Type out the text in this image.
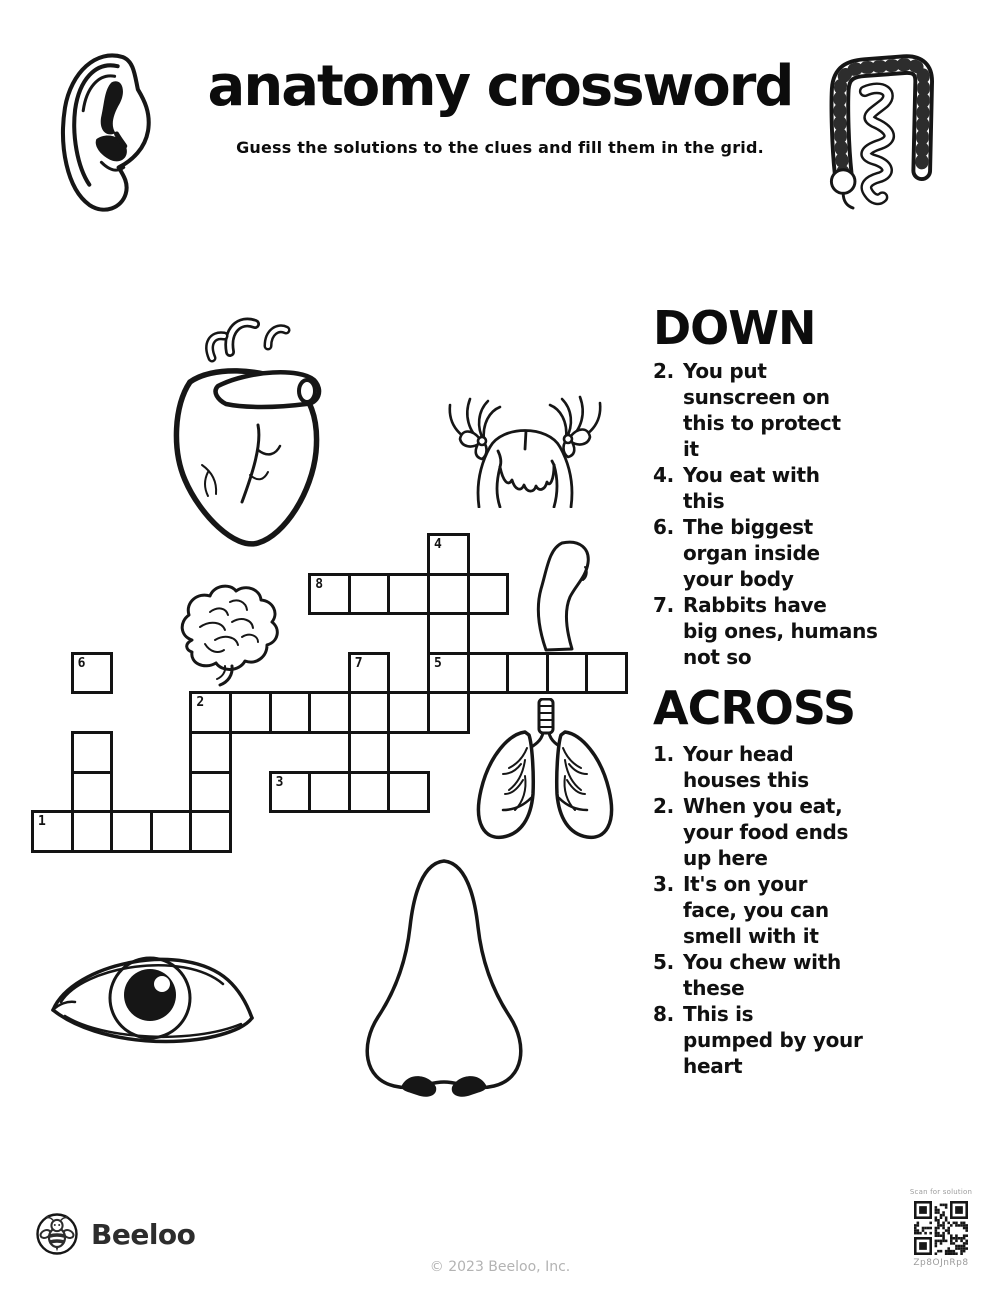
anatomy crossword
Guess the solutions to the clues and fill them in the grid.
4
8
6	7	5
2
3
1
DOWN
2. You put
sunscreen on
this to protect
it
4. You eat with
this
6. The biggest
organ inside
your body
7. Rabbits have
big ones, humans
not so
ACROSS
1. Your head
houses this
2. When you eat,
your food ends
up here
3. It's on your
face, you can
smell with it
5. You chew with
these
8. This is
pumped by your
heart
Beeloo
© 2023 Beeloo, Inc.
Scan for solution
Zp8OJnRp8
